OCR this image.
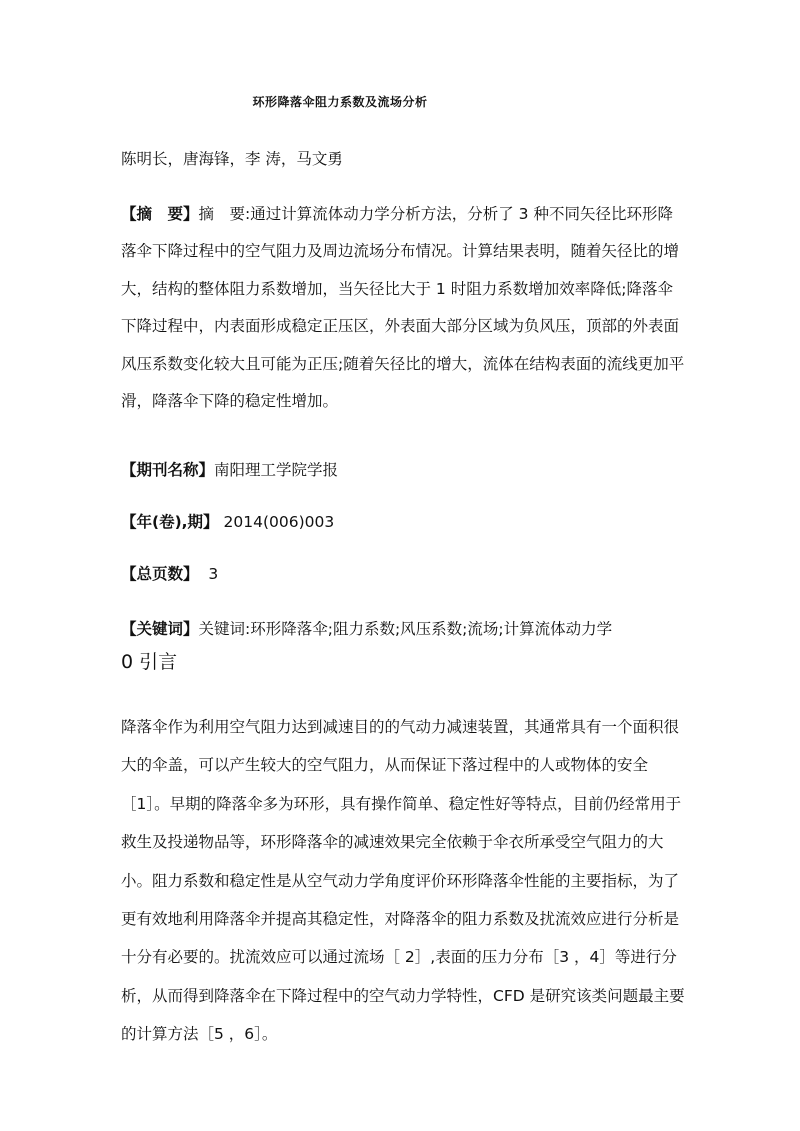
环形降落伞阻力系数及流场分析
陈明长，唐海锋，李 涛，马文勇
【摘　要】摘　要:通过计算流体动力学分析方法，分析了 3 种不同矢径比环形降落伞下降过程中的空气阻力及周边流场分布情况。计算结果表明，随着矢径比的增大，结构的整体阻力系数增加，当矢径比大于 1 时阻力系数增加效率降低;降落伞下降过程中，内表面形成稳定正压区，外表面大部分区域为负风压，顶部的外表面风压系数变化较大且可能为正压;随着矢径比的增大，流体在结构表面的流线更加平滑，降落伞下降的稳定性增加。
【期刊名称】南阳理工学院学报
【年(卷),期】 2014(006)003
【总页数】 3
【关键词】关键词:环形降落伞;阻力系数;风压系数;流场;计算流体动力学
0 引言
降落伞作为利用空气阻力达到减速目的的气动力减速装置，其通常具有一个面积很大的伞盖，可以产生较大的空气阻力，从而保证下落过程中的人或物体的安全［1］。早期的降落伞多为环形，具有操作简单、稳定性好等特点，目前仍经常用于救生及投递物品等，环形降落伞的减速效果完全依赖于伞衣所承受空气阻力的大小。阻力系数和稳定性是从空气动力学角度评价环形降落伞性能的主要指标，为了更有效地利用降落伞并提高其稳定性，对降落伞的阻力系数及扰流效应进行分析是十分有必要的。扰流效应可以通过流场［ 2］,表面的压力分布［3 ，4］等进行分析，从而得到降落伞在下降过程中的空气动力学特性，CFD 是研究该类问题最主要的计算方法［5 ，6］。
